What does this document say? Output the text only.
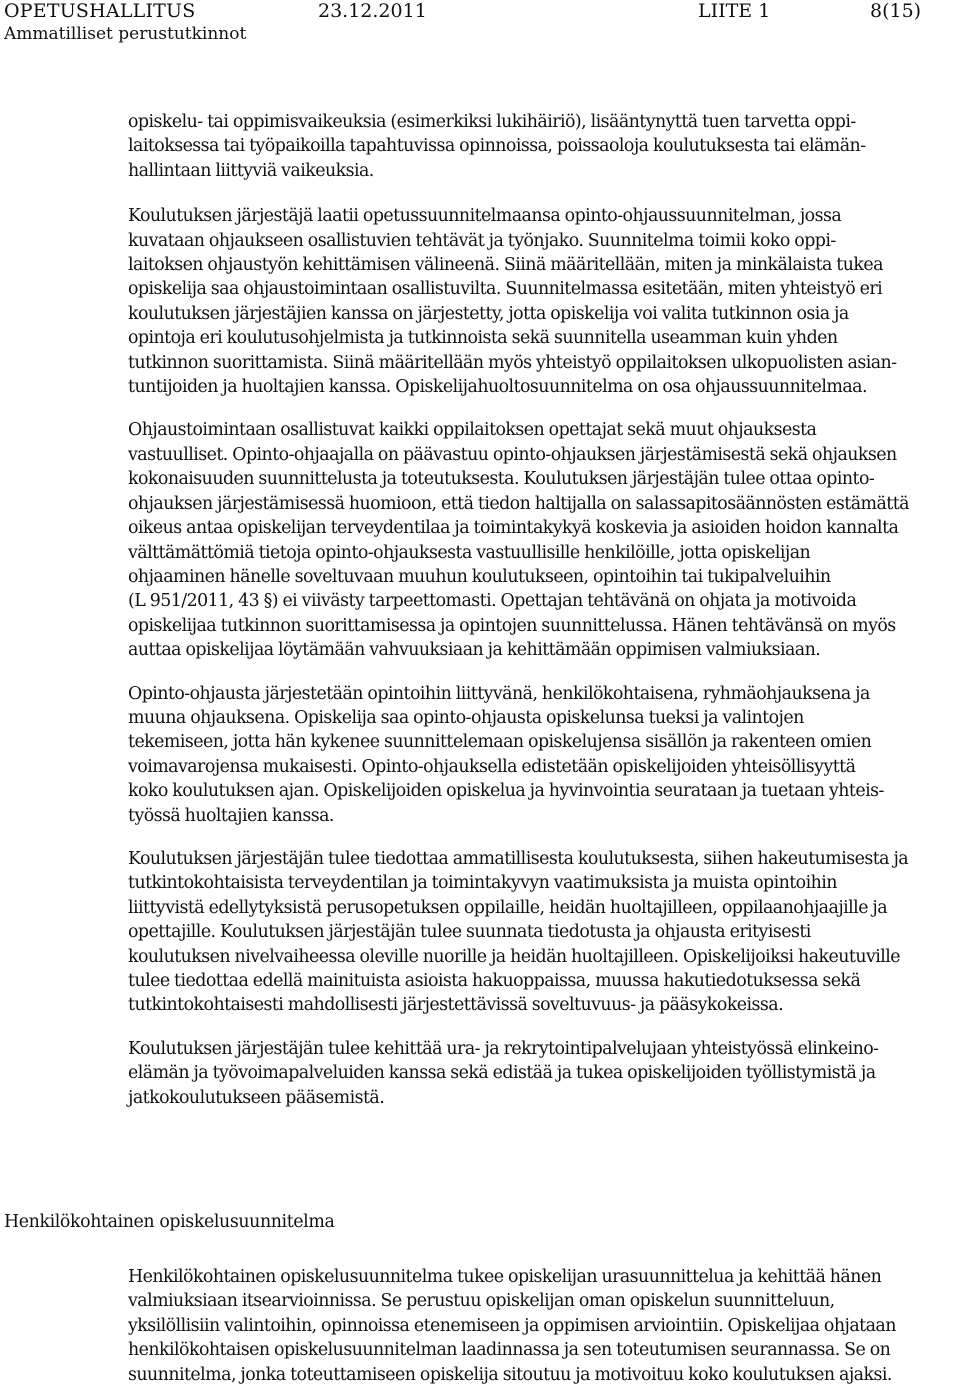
OPETUSHALLITUS	23.12.2011	LIITE 1	8(15)
Ammatilliset perustutkinnot

opiskelu- tai oppimisvaikeuksia (esimerkiksi lukihäiriö), lisääntynyttä tuen tarvetta oppi-
laitoksessa tai työpaikoilla tapahtuvissa opinnoissa, poissaoloja koulutuksesta tai elämän-
hallintaan liittyviä vaikeuksia.

Koulutuksen järjestäjä laatii opetussuunnitelmaansa opinto-ohjaussuunnitelman, jossa
kuvataan ohjaukseen osallistuvien tehtävät ja työnjako. Suunnitelma toimii koko oppi-
laitoksen ohjaustyön kehittämisen välineenä. Siinä määritellään, miten ja minkälaista tukea
opiskelija saa ohjaustoimintaan osallistuvilta. Suunnitelmassa esitetään, miten yhteistyö eri
koulutuksen järjestäjien kanssa on järjestetty, jotta opiskelija voi valita tutkinnon osia ja
opintoja eri koulutusohjelmista ja tutkinnoista sekä suunnitella useamman kuin yhden
tutkinnon suorittamista. Siinä määritellään myös yhteistyö oppilaitoksen ulkopuolisten asian-
tuntijoiden ja huoltajien kanssa. Opiskelijahuoltosuunnitelma on osa ohjaussuunnitelmaa.

Ohjaustoimintaan osallistuvat kaikki oppilaitoksen opettajat sekä muut ohjauksesta
vastuulliset. Opinto-ohjaajalla on päävastuu opinto-ohjauksen järjestämisestä sekä ohjauksen
kokonaisuuden suunnittelusta ja toteutuksesta. Koulutuksen järjestäjän tulee ottaa opinto-
ohjauksen järjestämisessä huomioon, että tiedon haltijalla on salassapitosäännösten estämättä
oikeus antaa opiskelijan terveydentilaa ja toimintakykyä koskevia ja asioiden hoidon kannalta
välttämättömiä tietoja opinto-ohjauksesta vastuullisille henkilöille, jotta opiskelijan
ohjaaminen hänelle soveltuvaan muuhun koulutukseen, opintoihin tai tukipalveluihin
(L 951/2011, 43 §) ei viivästy tarpeettomasti. Opettajan tehtävänä on ohjata ja motivoida
opiskelijaa tutkinnon suorittamisessa ja opintojen suunnittelussa. Hänen tehtävänsä on myös
auttaa opiskelijaa löytämään vahvuuksiaan ja kehittämään oppimisen valmiuksiaan.

Opinto-ohjausta järjestetään opintoihin liittyvänä, henkilökohtaisena, ryhmäohjauksena ja
muuna ohjauksena. Opiskelija saa opinto-ohjausta opiskelunsa tueksi ja valintojen
tekemiseen, jotta hän kykenee suunnittelemaan opiskelujensa sisällön ja rakenteen omien
voimavarojensa mukaisesti. Opinto-ohjauksella edistetään opiskelijoiden yhteisöllisyyttä
koko koulutuksen ajan. Opiskelijoiden opiskelua ja hyvinvointia seurataan ja tuetaan yhteis-
työssä huoltajien kanssa.

Koulutuksen järjestäjän tulee tiedottaa ammatillisesta koulutuksesta, siihen hakeutumisesta ja
tutkintokohtaisista terveydentilan ja toimintakyvyn vaatimuksista ja muista opintoihin
liittyvistä edellytyksistä perusopetuksen oppilaille, heidän huoltajilleen, oppilaanohjaajille ja
opettajille. Koulutuksen järjestäjän tulee suunnata tiedotusta ja ohjausta erityisesti
koulutuksen nivelvaiheessa oleville nuorille ja heidän huoltajilleen. Opiskelijoiksi hakeutuville
tulee tiedottaa edellä mainituista asioista hakuoppaissa, muussa hakutiedotuksessa sekä
tutkintokohtaisesti mahdollisesti järjestettävissä soveltuvuus- ja pääsykokeissa.

Koulutuksen järjestäjän tulee kehittää ura- ja rekrytointipalvelujaan yhteistyössä elinkeino-
elämän ja työvoimapalveluiden kanssa sekä edistää ja tukea opiskelijoiden työllistymistä ja
jatkokoulutukseen pääsemistä.

Henkilökohtainen opiskelusuunnitelma

Henkilökohtainen opiskelusuunnitelma tukee opiskelijan urasuunnittelua ja kehittää hänen
valmiuksiaan itsearvioinnissa. Se perustuu opiskelijan oman opiskelun suunnitteluun,
yksilöllisiin valintoihin, opinnoissa etenemiseen ja oppimisen arviointiin. Opiskelijaa ohjataan
henkilökohtaisen opiskelusuunnitelman laadinnassa ja sen toteutumisen seurannassa. Se on
suunnitelma, jonka toteuttamiseen opiskelija sitoutuu ja motivoituu koko koulutuksen ajaksi.
